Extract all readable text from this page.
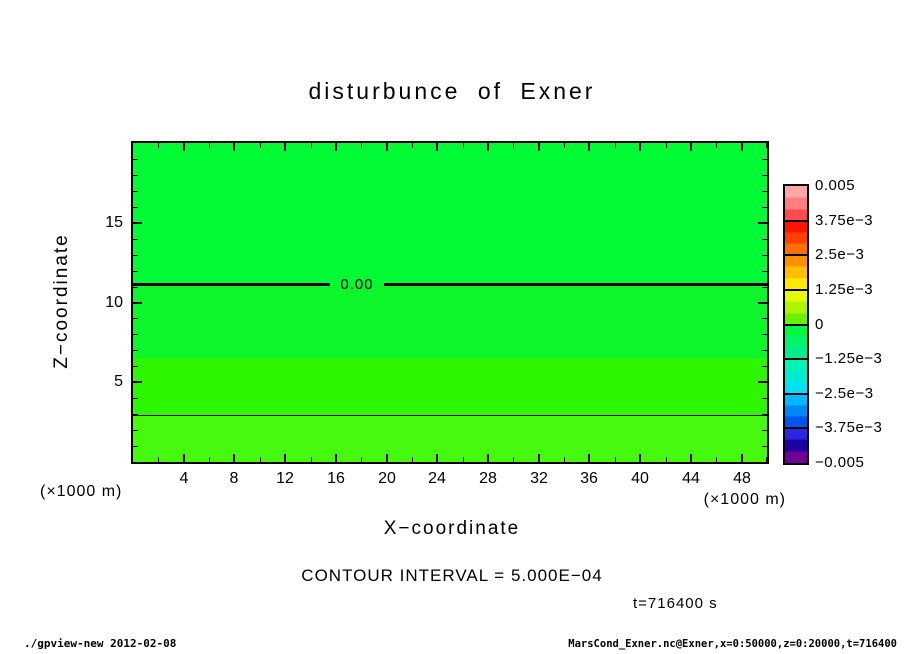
disturbunce of Exner
0.00
Z−coordinate
X−coordinate
(×1000 m)	(×1000 m)
CONTOUR INTERVAL = 5.000E−04
t=716400 s
0.005
3.75e−3
2.5e−3
1.25e−3
0
−1.25e−3
−2.5e−3
−3.75e−3
−0.005
4	8	12	16	20	24	28	32	36	40	44	48
5
10
15
./gpview-new 2012-02-08	MarsCond_Exner.nc@Exner,x=0:50000,z=0:20000,t=716400
